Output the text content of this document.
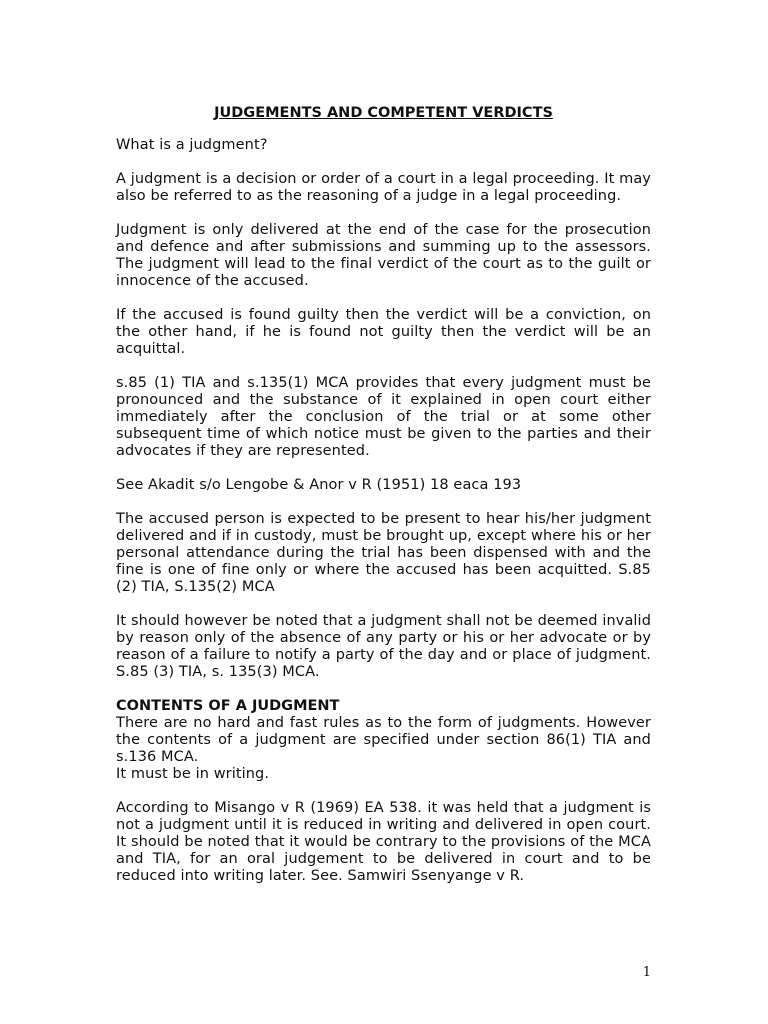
JUDGEMENTS AND COMPETENT VERDICTS

What is a judgment?

A judgment is a decision or order of a court in a legal proceeding. It may also be referred to as the reasoning of a judge in a legal proceeding.

Judgment is only delivered at the end of the case for the prosecution and defence and after submissions and summing up to the assessors. The judgment will lead to the final verdict of the court as to the guilt or innocence of the accused.

If the accused is found guilty then the verdict will be a conviction, on the other hand, if he is found not guilty then the verdict will be an acquittal.

s.85 (1) TIA and s.135(1) MCA provides that every judgment must be pronounced and the substance of it explained in open court either immediately after the conclusion of the trial or at some other subsequent time of which notice must be given to the parties and their advocates if they are represented.

See Akadit s/o Lengobe & Anor v R (1951) 18 eaca 193

The accused person is expected to be present to hear his/her judgment delivered and if in custody, must be brought up, except where his or her personal attendance during the trial has been dispensed with and the fine is one of fine only or where the accused has been acquitted. S.85 (2) TIA, S.135(2) MCA

It should however be noted that a judgment shall not be deemed invalid by reason only of the absence of any party or his or her advocate or by reason of a failure to notify a party of the day and or place of judgment. S.85 (3) TIA, s. 135(3) MCA.

CONTENTS OF A JUDGMENT

There are no hard and fast rules as to the form of judgments. However the contents of a judgment are specified under section 86(1) TIA and s.136 MCA.

It must be in writing.

According to Misango v R (1969) EA 538. it was held that a judgment is not a judgment until it is reduced in writing and delivered in open court. It should be noted that it would be contrary to the provisions of the MCA and TIA, for an oral judgement to be delivered in court and to be reduced into writing later. See. Samwiri Ssenyange v R.

1
